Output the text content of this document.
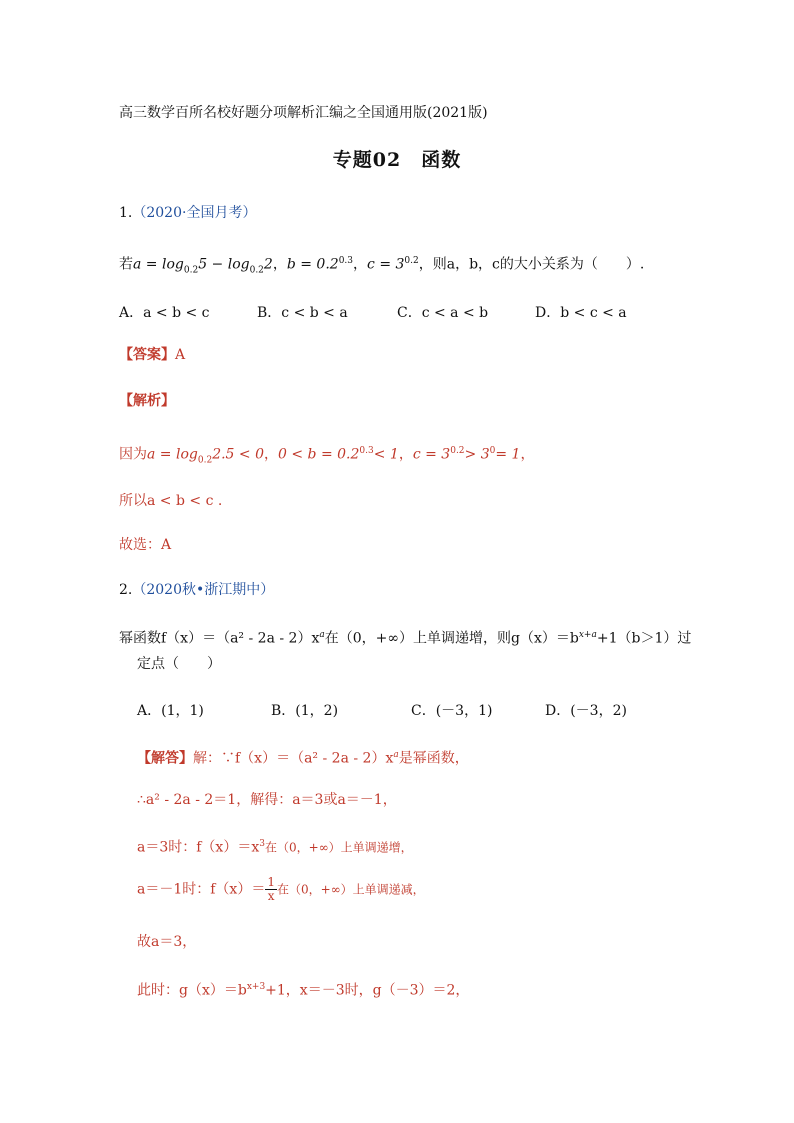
高三数学百所名校好题分项解析汇编之全国通用版(2021版)
专题02　函数
1.（2020·全国月考）
若$a = \log_{0.2}5 - \log_{0.2}2$，$b = 0.2^{0.3}$，$c = 3^{0.2}$，则a，b，c的大小关系为（　　）.
A．a < b < c	B．c < b < a	C．c < a < b	D．b < c < a
【答案】A
【解析】
因为$a = \log_{0.2}2.5 < 0$，$0 < b = 0.2^{0.3}< 1$，$c = 3^{0.2}> 3^0= 1$，
所以a < b < c .
故选：A
2.（2020秋•浙江期中）
幂函数$f(x)=(a^2 - 2a - 2)x^a$在（0，+∞）上单调递增，则$g(x)=b^{x+a}+1(b>1)$过
定点（　　）
A．(1，1)	B．(1，2)	C．(－3，1)	D．(－3，2)
【解答】解：∵f（x）＝（a² - $2a - 2)x^a$是幂函数，
∴a² - 2a - 2＝1，解得：a＝3或a＝－1，
a＝3时：$f(x)=x^3$在（0，+∞）上单调递增，
a＝－1时：$f(x)= \frac{1}{x}$ 在（0，+∞）上单调递减，
故a＝3，
此时：$g(x)=b^{x+3}+1$，x＝－3时，g（－3）＝2，
